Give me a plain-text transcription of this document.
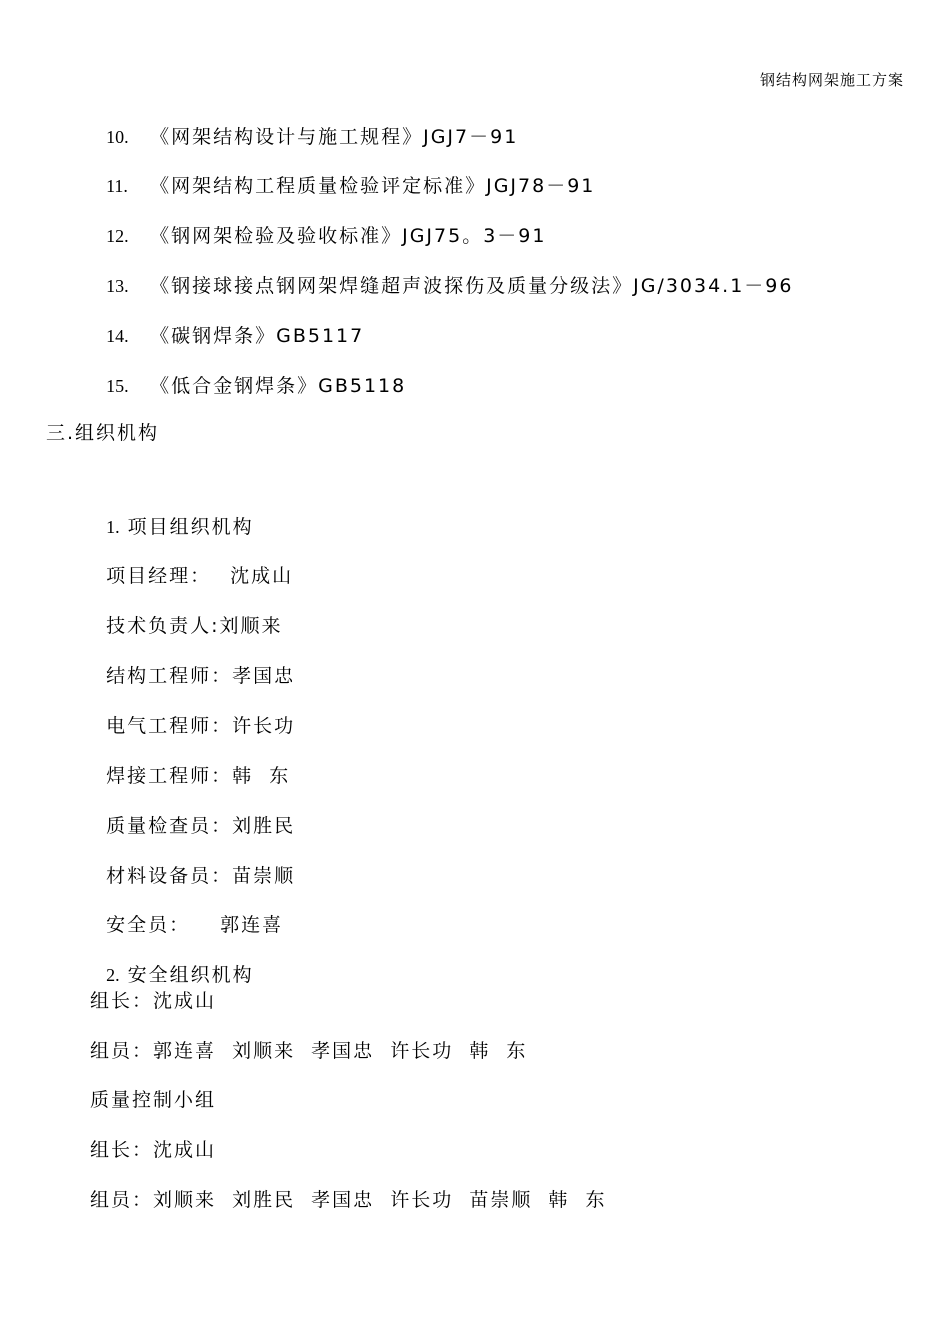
钢结构网架施工方案

10. 《网架结构设计与施工规程》JGJ7－91

11. 《网架结构工程质量检验评定标准》JGJ78－91

12. 《钢网架检验及验收标准》JGJ75。3－91

13. 《钢接球接点钢网架焊缝超声波探伤及质量分级法》JG/3034.1－96

14. 《碳钢焊条》GB5117

15. 《低合金钢焊条》GB5118

三.组织机构

1. 项目组织机构

项目经理： 沈成山

技术负责人:刘顺来

结构工程师：孝国忠

电气工程师：许长功

焊接工程师：韩  东

质量检查员：刘胜民

材料设备员：苗崇顺

安全员： 郭连喜

2. 安全组织机构

组长：沈成山
组员：郭连喜  刘顺来  孝国忠  许长功  韩  东
质量控制小组
组长：沈成山
组员：刘顺来  刘胜民  孝国忠  许长功  苗崇顺  韩  东
